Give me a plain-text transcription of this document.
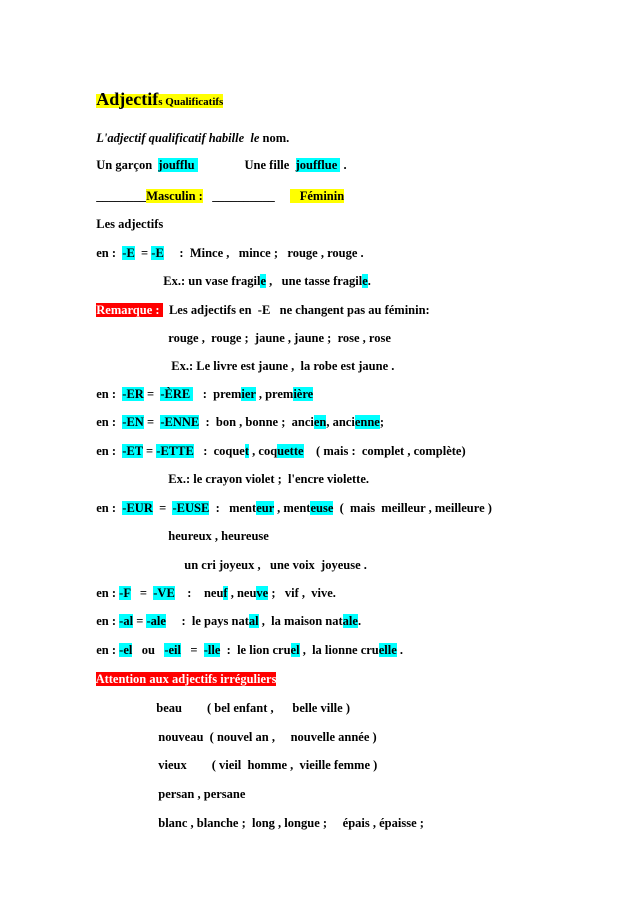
Adjectifs Qualificatifs

L'adjectif qualificatif habille  le nom.

Un garçon  joufflu                Une fille  joufflue  .

________Masculin :   __________        Féminin

Les adjectifs

en :  -E  = -E     :  Mince ,   mince ;   rouge , rouge .

Ex.: un vase fragile ,   une tasse fragile.

Remarque :   Les adjectifs en  -E   ne changent pas au féminin:

rouge ,  rouge ;  jaune , jaune ;  rose , rose

Ex.: Le livre est jaune ,  la robe est jaune .

en :  -ER =  -ÈRE    :  premier , première

en :  -EN =  -ENNE  :  bon , bonne ;  ancien, ancienne;

en :  -ET = -ETTE   :  coquet , coquette    ( mais :  complet , complète)

Ex.: le crayon violet ;  l'encre violette.

en :  -EUR  =  -EUSE  :   menteur , menteuse  (  mais  meilleur , meilleure )

heureux , heureuse

un cri joyeux ,   une voix  joyeuse .

en : -F   =  -VE    :    neuf , neuve ;   vif ,  vive.

en : -al = -ale     :  le pays natal ,  la maison natale.

en : -el   ou   -eil   =  -lle  :  le lion cruel ,  la lionne cruelle .

Attention aux adjectifs irréguliers

beau        ( bel enfant ,      belle ville )

nouveau  ( nouvel an ,     nouvelle année )

vieux        ( vieil  homme ,  vieille femme )

persan , persane

blanc , blanche ;  long , longue ;     épais , épaisse ;
